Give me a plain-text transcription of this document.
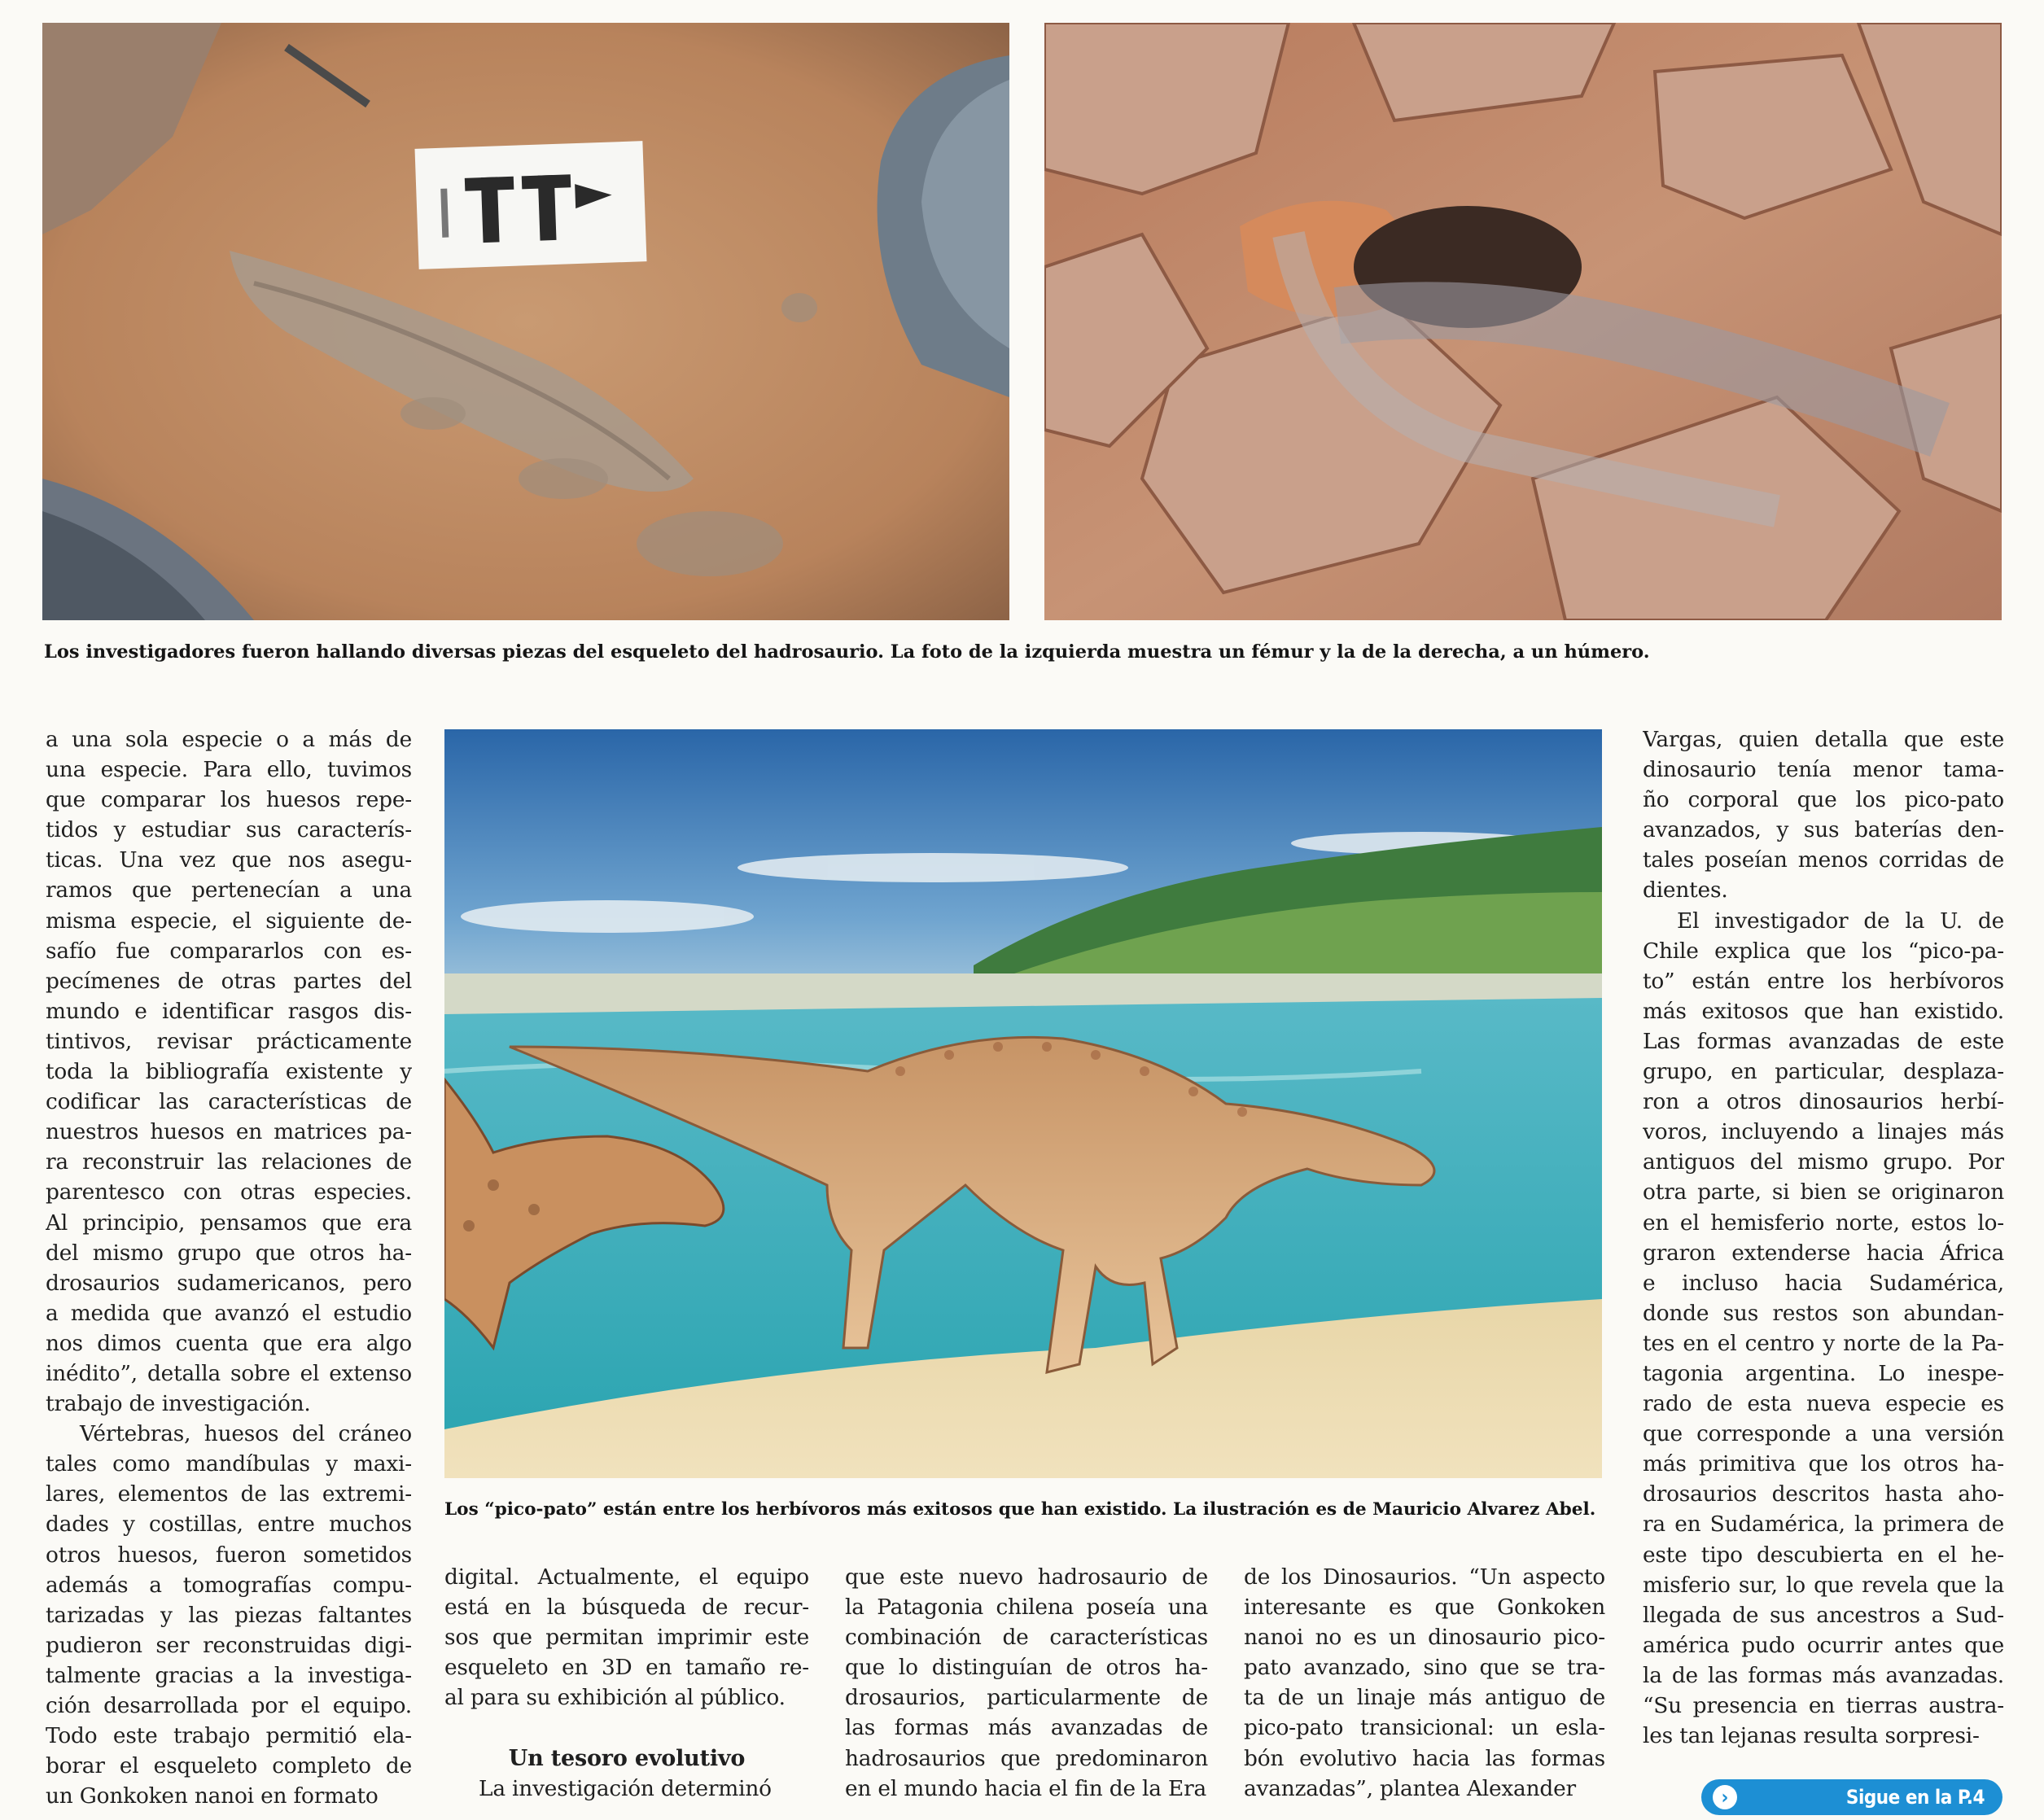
Los investigadores fueron hallando diversas piezas del esqueleto del hadrosaurio. La foto de la izquierda muestra un fémur y la de la derecha, a un húmero.
Los “pico-pato” están entre los herbívoros más exitosos que han existido. La ilustración es de Mauricio Alvarez Abel.
a una sola especie o a más de
una especie. Para ello, tuvimos
que comparar los huesos repe-
tidos y estudiar sus caracterís-
ticas. Una vez que nos asegu-
ramos que pertenecían a una
misma especie, el siguiente de-
safío fue compararlos con es-
pecímenes de otras partes del
mundo e identificar rasgos dis-
tintivos, revisar prácticamente
toda la bibliografía existente y
codificar las características de
nuestros huesos en matrices pa-
ra reconstruir las relaciones de
parentesco con otras especies.
Al principio, pensamos que era
del mismo grupo que otros ha-
drosaurios sudamericanos, pero
a medida que avanzó el estudio
nos dimos cuenta que era algo
inédito”, detalla sobre el extenso
trabajo de investigación.
Vértebras, huesos del cráneo
tales como mandíbulas y maxi-
lares, elementos de las extremi-
dades y costillas, entre muchos
otros huesos, fueron sometidos
además a tomografías compu-
tarizadas y las piezas faltantes
pudieron ser reconstruidas digi-
talmente gracias a la investiga-
ción desarrollada por el equipo.
Todo este trabajo permitió ela-
borar el esqueleto completo de
un Gonkoken nanoi en formato
digital. Actualmente, el equipo
está en la búsqueda de recur-
sos que permitan imprimir este
esqueleto en 3D en tamaño re-
al para su exhibición al público.
Un tesoro evolutivo
La investigación determinó
que este nuevo hadrosaurio de
la Patagonia chilena poseía una
combinación de características
que lo distinguían de otros ha-
drosaurios, particularmente de
las formas más avanzadas de
hadrosaurios que predominaron
en el mundo hacia el fin de la Era
de los Dinosaurios. “Un aspecto
interesante es que Gonkoken
nanoi no es un dinosaurio pico-
pato avanzado, sino que se tra-
ta de un linaje más antiguo de
pico-pato transicional: un esla-
bón evolutivo hacia las formas
avanzadas”, plantea Alexander
Vargas, quien detalla que este
dinosaurio tenía menor tama-
ño corporal que los pico-pato
avanzados, y sus baterías den-
tales poseían menos corridas de
dientes.
El investigador de la U. de
Chile explica que los “pico-pa-
to” están entre los herbívoros
más exitosos que han existido.
Las formas avanzadas de este
grupo, en particular, desplaza-
ron a otros dinosaurios herbí-
voros, incluyendo a linajes más
antiguos del mismo grupo. Por
otra parte, si bien se originaron
en el hemisferio norte, estos lo-
graron extenderse hacia África
e incluso hacia Sudamérica,
donde sus restos son abundan-
tes en el centro y norte de la Pa-
tagonia argentina. Lo inespe-
rado de esta nueva especie es
que corresponde a una versión
más primitiva que los otros ha-
drosaurios descritos hasta aho-
ra en Sudamérica, la primera de
este tipo descubierta en el he-
misferio sur, lo que revela que la
llegada de sus ancestros a Sud-
américa pudo ocurrir antes que
la de las formas más avanzadas.
“Su presencia en tierras austra-
les tan lejanas resulta sorpresi-
›	Sigue en la P.4
